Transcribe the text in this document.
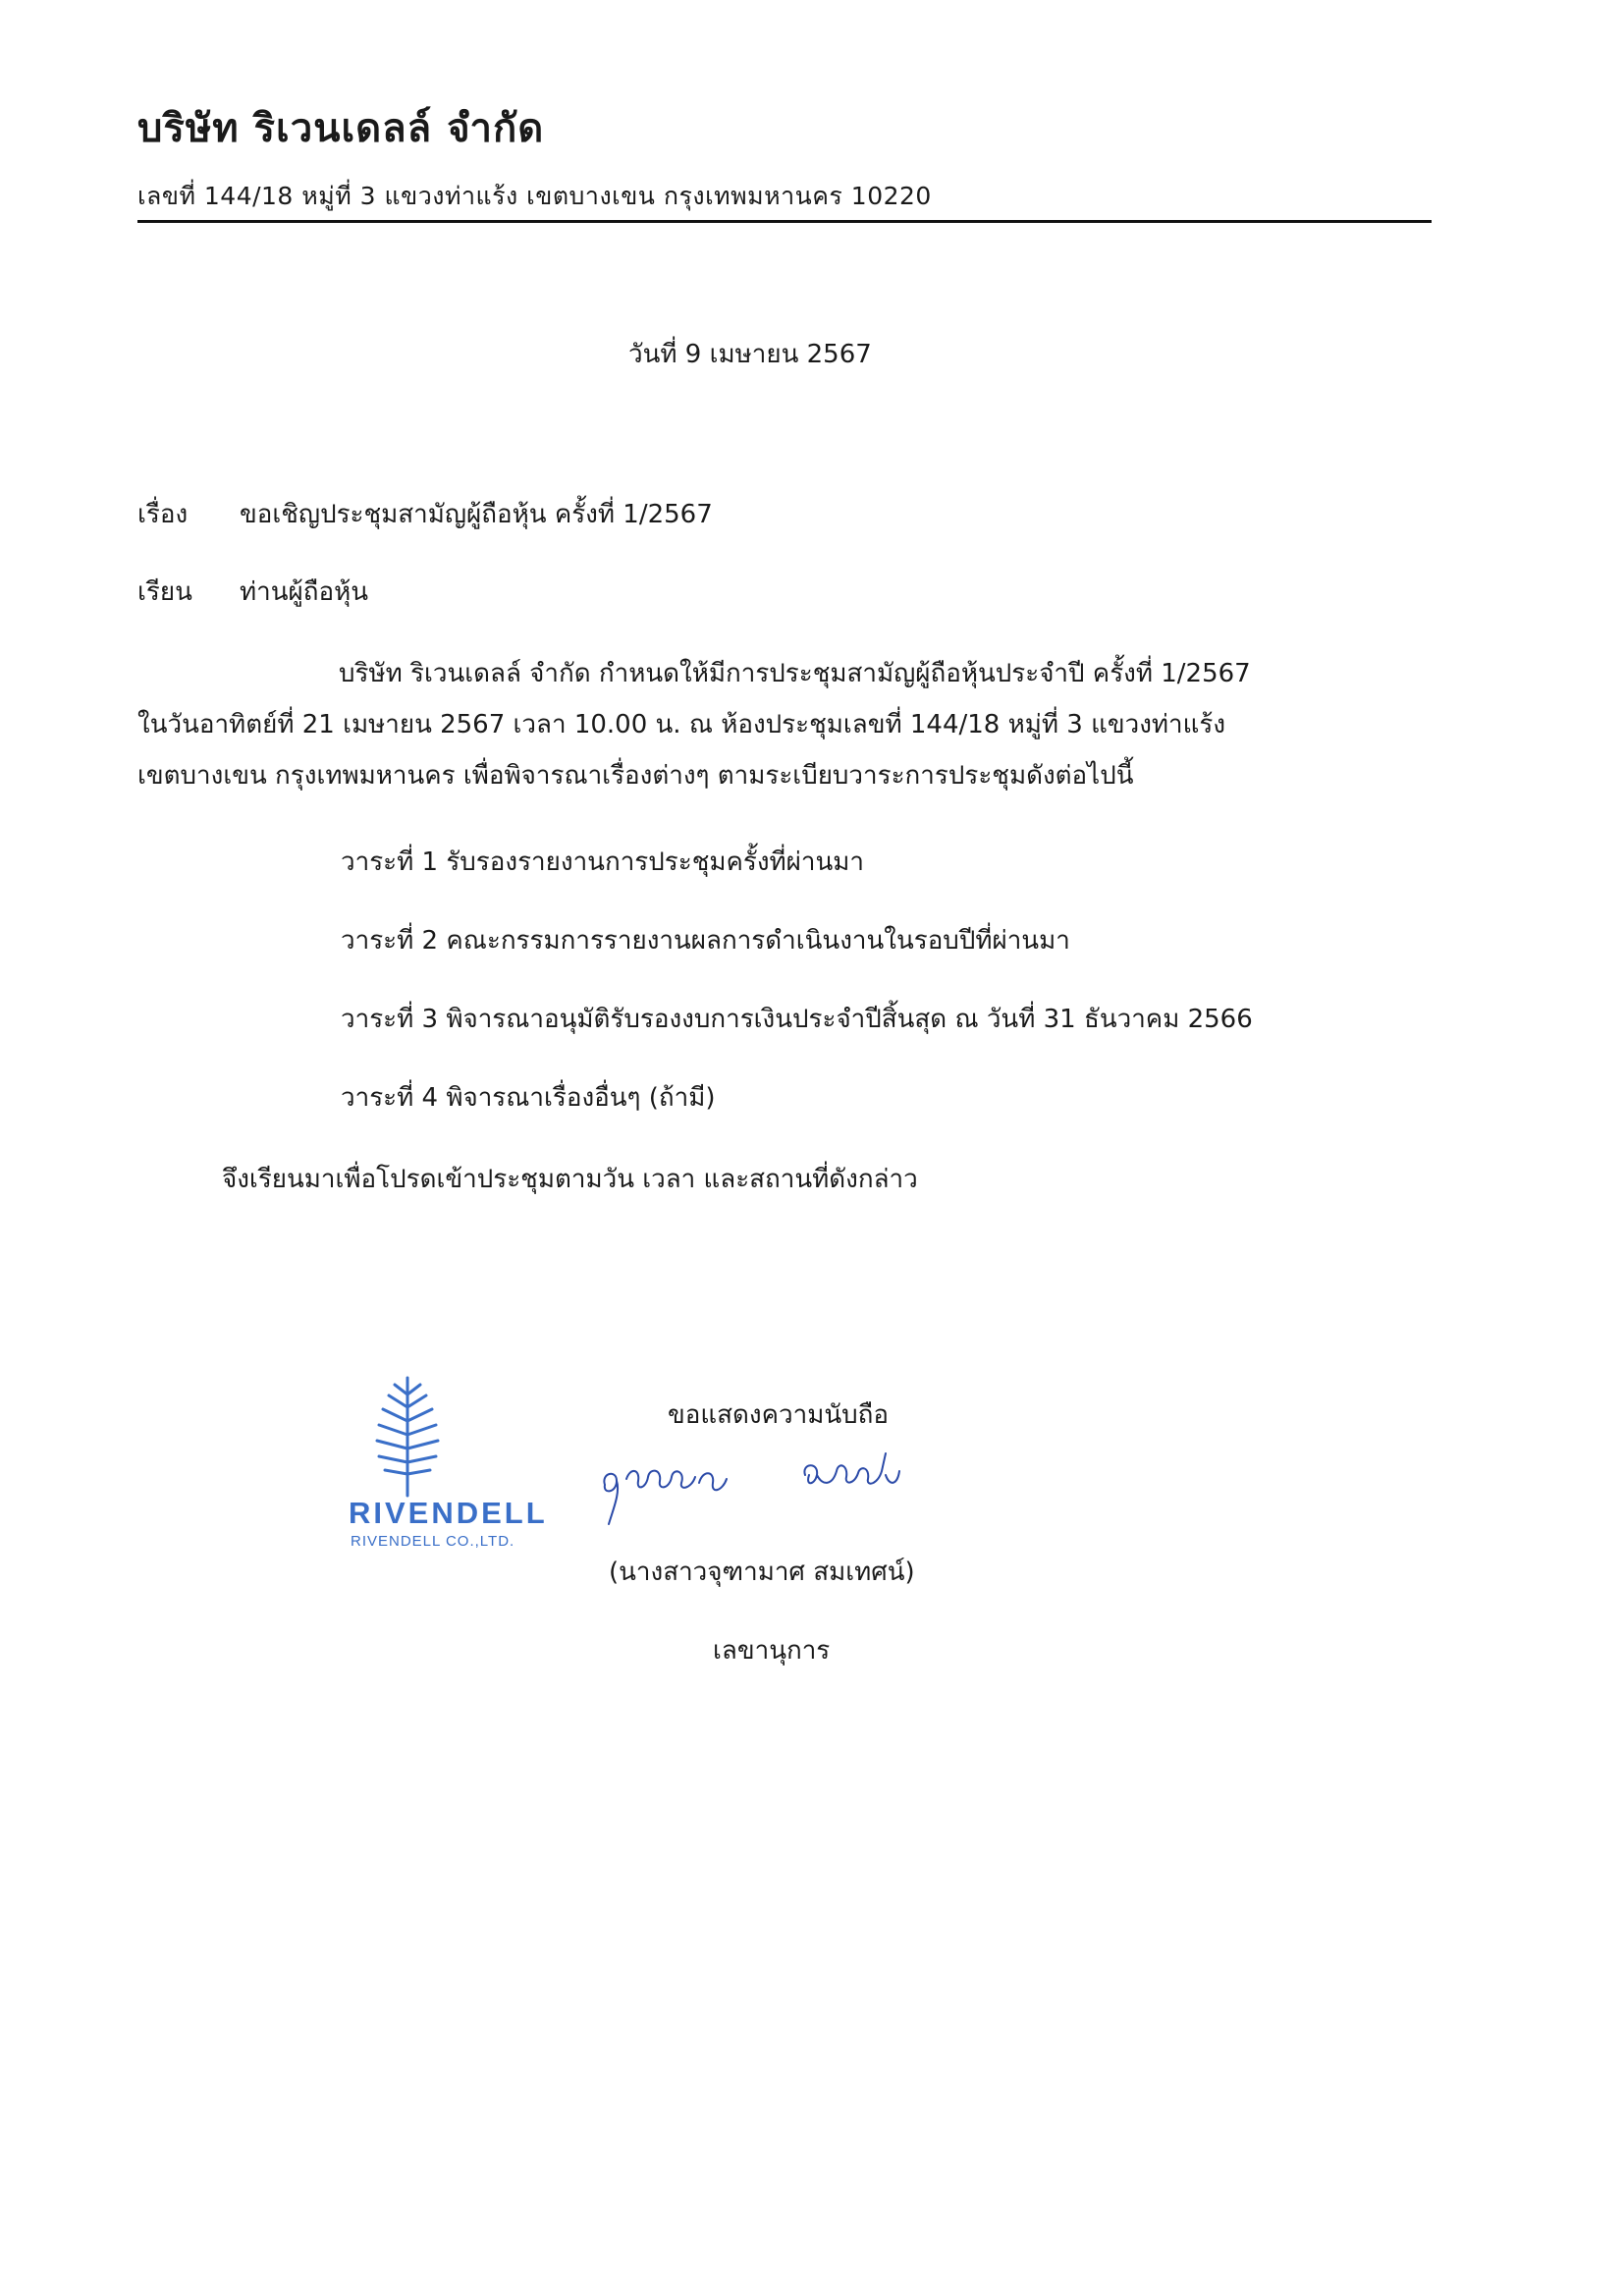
บริษัท ริเวนเดลล์ จำกัด
เลขที่ 144/18 หมู่ที่ 3 แขวงท่าแร้ง เขตบางเขน กรุงเทพมหานคร 10220
วันที่ 9 เมษายน 2567
เรื่อง ขอเชิญประชุมสามัญผู้ถือหุ้น ครั้งที่ 1/2567
เรียน ท่านผู้ถือหุ้น
บริษัท ริเวนเดลล์ จำกัด กำหนดให้มีการประชุมสามัญผู้ถือหุ้นประจำปี ครั้งที่ 1/2567
ในวันอาทิตย์ที่ 21 เมษายน 2567 เวลา 10.00 น. ณ ห้องประชุมเลขที่ 144/18 หมู่ที่ 3 แขวงท่าแร้ง
เขตบางเขน กรุงเทพมหานคร เพื่อพิจารณาเรื่องต่างๆ ตามระเบียบวาระการประชุมดังต่อไปนี้
วาระที่ 1 รับรองรายงานการประชุมครั้งที่ผ่านมา
วาระที่ 2 คณะกรรมการรายงานผลการดำเนินงานในรอบปีที่ผ่านมา
วาระที่ 3 พิจารณาอนุมัติรับรองงบการเงินประจำปีสิ้นสุด ณ วันที่ 31 ธันวาคม 2566
วาระที่ 4 พิจารณาเรื่องอื่นๆ (ถ้ามี)
จึงเรียนมาเพื่อโปรดเข้าประชุมตามวัน เวลา และสถานที่ดังกล่าว
RIVENDELL
RIVENDELL CO.,LTD.
ขอแสดงความนับถือ
(นางสาวจุฑามาศ สมเทศน์)
เลขานุการ
